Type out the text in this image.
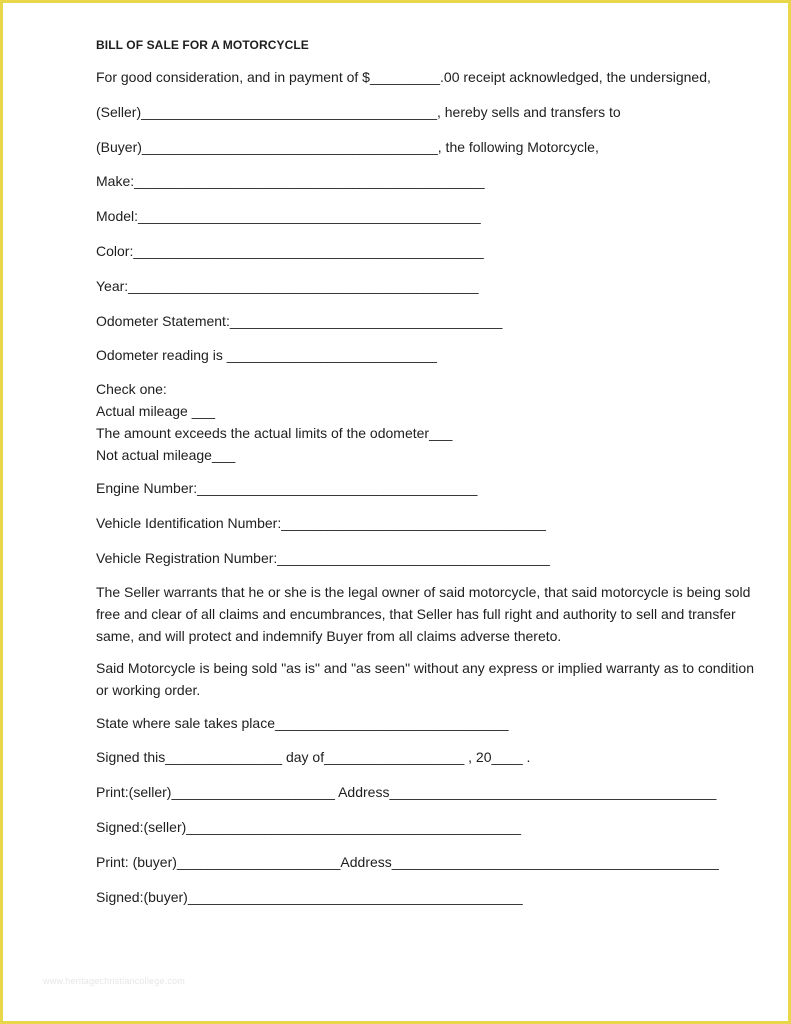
BILL OF SALE FOR A MOTORCYCLE
For good consideration, and in payment of $_________.00 receipt acknowledged, the undersigned,
(Seller)______________________________________, hereby sells and transfers to
(Buyer)______________________________________, the following Motorcycle,
Make:_____________________________________________
Model:____________________________________________
Color:_____________________________________________
Year:_____________________________________________
Odometer Statement:___________________________________
Odometer reading is ___________________________
Check one:
Actual mileage ___
The amount exceeds the actual limits of the odometer___
Not actual mileage___
Engine Number:____________________________________
Vehicle Identification Number:__________________________________
Vehicle Registration Number:___________________________________
The Seller warrants that he or she is the legal owner of said motorcycle, that said motorcycle is being sold free and clear of all claims and encumbrances, that Seller has full right and authority to sell and transfer same, and will protect and indemnify Buyer from all claims adverse thereto.
Said Motorcycle is being sold "as is" and "as seen" without any express or implied warranty as to condition or working order.
State where sale takes place______________________________
Signed this_______________ day of__________________ , 20____ .
Print:(seller)_____________________ Address__________________________________________
Signed:(seller)___________________________________________
Print: (buyer)_____________________Address__________________________________________
Signed:(buyer)___________________________________________
www.heritagechristiancollege.com
